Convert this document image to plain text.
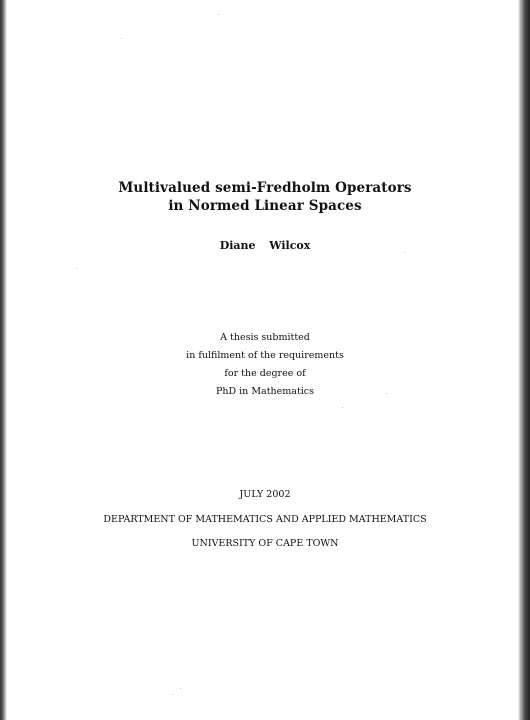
Multivalued semi-Fredholm Operators
in Normed Linear Spaces
Diane  Wilcox
A thesis submitted
in fulfilment of the requirements
for the degree of
PhD in Mathematics
JULY 2002
DEPARTMENT OF MATHEMATICS AND APPLIED MATHEMATICS
UNIVERSITY OF CAPE TOWN
